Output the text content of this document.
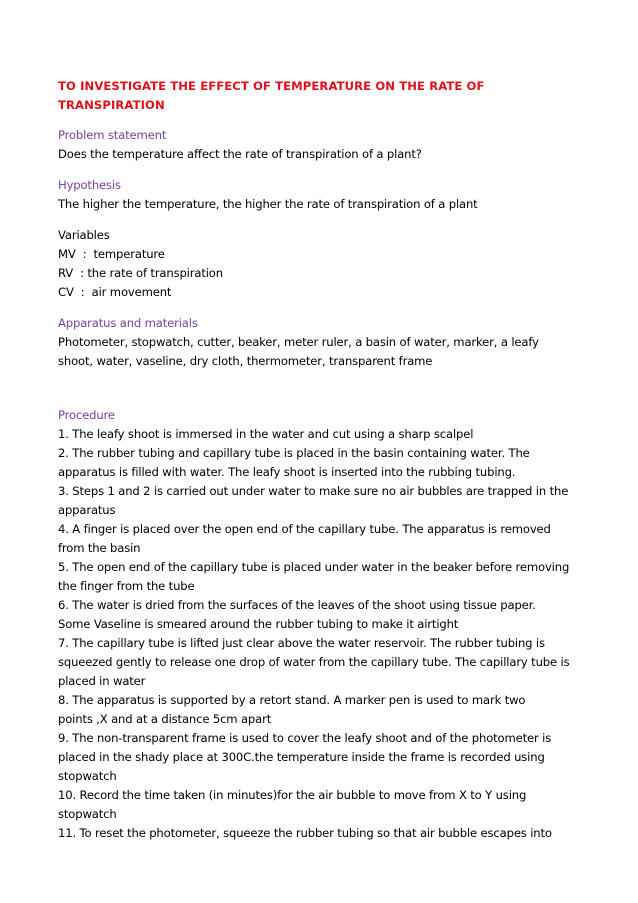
TO INVESTIGATE THE EFFECT OF TEMPERATURE ON THE RATE OF
TRANSPIRATION
Problem statement
Does the temperature affect the rate of transpiration of a plant?
Hypothesis
The higher the temperature, the higher the rate of transpiration of a plant
Variables
MV  :  temperature
RV  : the rate of transpiration
CV  :  air movement
Apparatus and materials
Photometer, stopwatch, cutter, beaker, meter ruler, a basin of water, marker, a leafy
shoot, water, vaseline, dry cloth, thermometer, transparent frame
Procedure
1. The leafy shoot is immersed in the water and cut using a sharp scalpel
2. The rubber tubing and capillary tube is placed in the basin containing water. The
apparatus is filled with water. The leafy shoot is inserted into the rubbing tubing.
3. Steps 1 and 2 is carried out under water to make sure no air bubbles are trapped in the
apparatus
4. A finger is placed over the open end of the capillary tube. The apparatus is removed
from the basin
5. The open end of the capillary tube is placed under water in the beaker before removing
the finger from the tube
6. The water is dried from the surfaces of the leaves of the shoot using tissue paper.
Some Vaseline is smeared around the rubber tubing to make it airtight
7. The capillary tube is lifted just clear above the water reservoir. The rubber tubing is
squeezed gently to release one drop of water from the capillary tube. The capillary tube is
placed in water
8. The apparatus is supported by a retort stand. A marker pen is used to mark two
points ,X and at a distance 5cm apart
9. The non-transparent frame is used to cover the leafy shoot and of the photometer is
placed in the shady place at 300C.the temperature inside the frame is recorded using
stopwatch
10. Record the time taken (in minutes)for the air bubble to move from X to Y using
stopwatch
11. To reset the photometer, squeeze the rubber tubing so that air bubble escapes into
